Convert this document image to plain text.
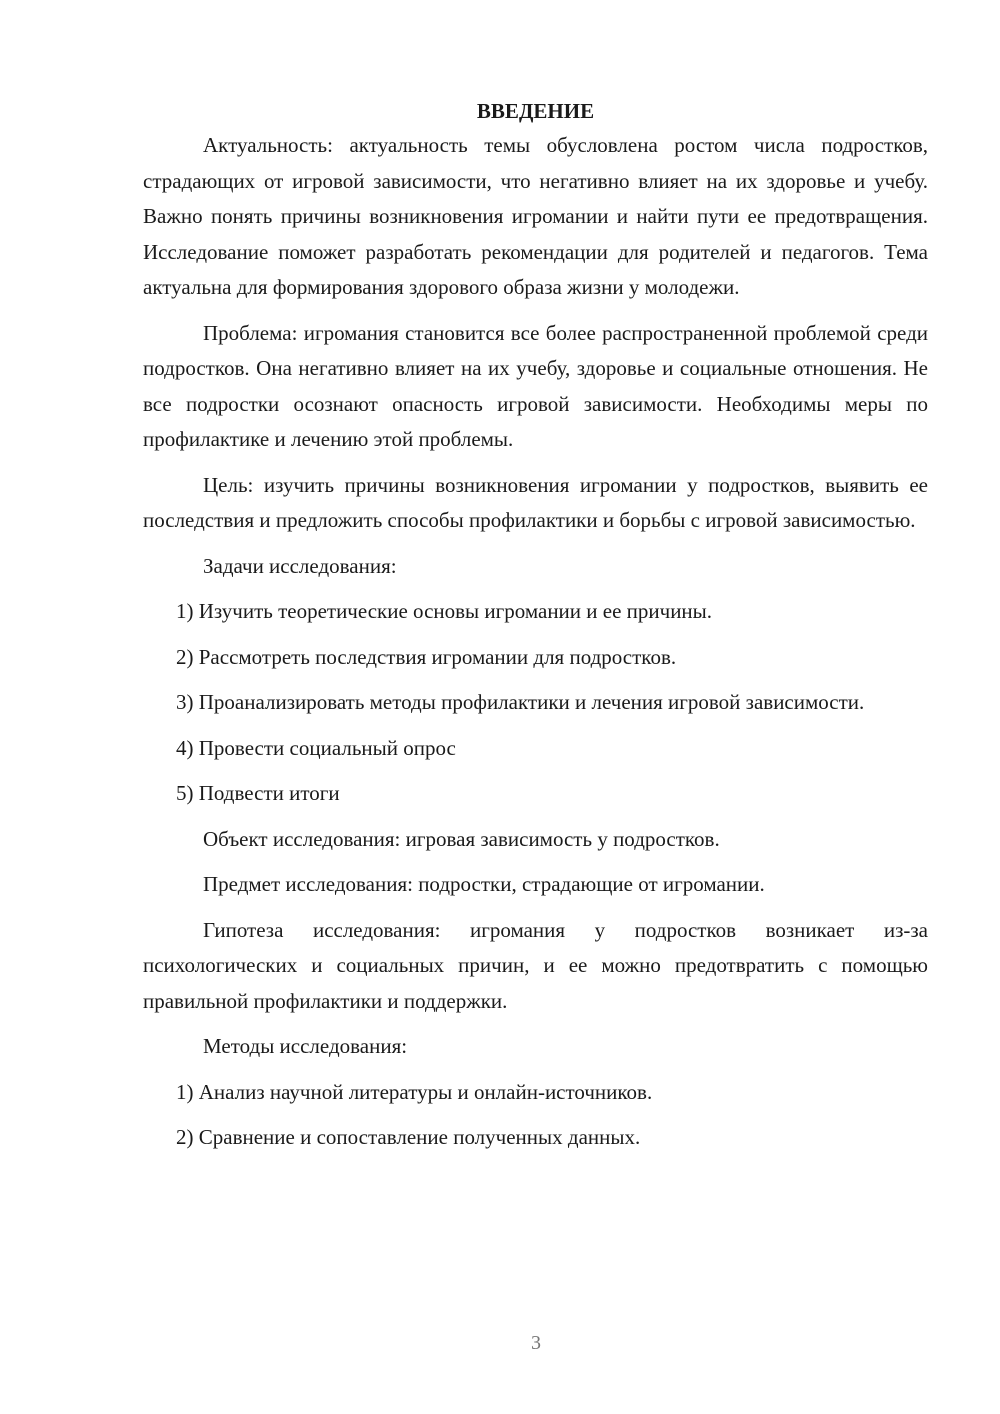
ВВЕДЕНИЕ

Актуальность: актуальность темы обусловлена ростом числа подростков, страдающих от игровой зависимости, что негативно влияет на их здоровье и учебу. Важно понять причины возникновения игромании и найти пути ее предотвращения. Исследование поможет разработать рекомендации для родителей и педагогов. Тема актуальна для формирования здорового образа жизни у молодежи.

Проблема: игромания становится все более распространенной проблемой среди подростков. Она негативно влияет на их учебу, здоровье и социальные отношения. Не все подростки осознают опасность игровой зависимости. Необходимы меры по профилактике и лечению этой проблемы.

Цель: изучить причины возникновения игромании у подростков, выявить ее последствия и предложить способы профилактики и борьбы с игровой зависимостью.

Задачи исследования:

1) Изучить теоретические основы игромании и ее причины.

2) Рассмотреть последствия игромании для подростков.

3) Проанализировать методы профилактики и лечения игровой зависимости.

4) Провести социальный опрос

5) Подвести итоги

Объект исследования: игровая зависимость у подростков.

Предмет исследования: подростки, страдающие от игромании.

Гипотеза исследования: игромания у подростков возникает из-за психологических и социальных причин, и ее можно предотвратить с помощью правильной профилактики и поддержки.

Методы исследования:

1) Анализ научной литературы и онлайн-источников.

2) Сравнение и сопоставление полученных данных.

3
